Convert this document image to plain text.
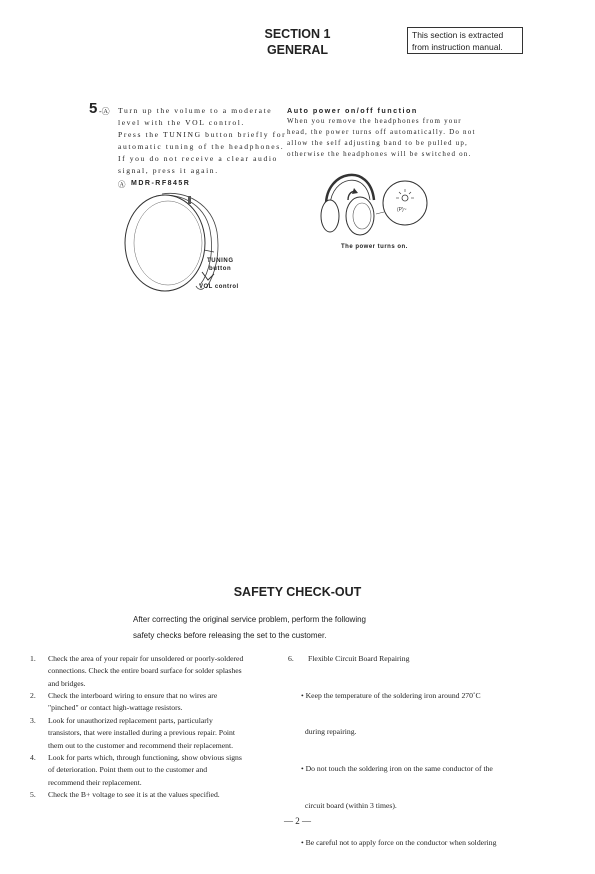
SECTION 1
GENERAL
This section is extracted from instruction manual.
5 -Ⓐ Turn up the volume to a moderate
level with the VOL control.
Press the TUNING button briefly for
automatic tuning of the headphones.
If you do not receive a clear audio
signal, press it again.
Ⓐ MDR-RF845R
TUNING
button
VOL control
Auto power on/off function
When you remove the headphones from your
head, the power turns off automatically. Do not
allow the self adjusting band to be pulled up,
otherwise the headphones will be switched on.
(P)~
The power turns on.
SAFETY CHECK-OUT
After correcting the original service problem, perform the following
safety checks before releasing the set to the customer.
1. Check the area of your repair for unsoldered or poorly-soldered
connections. Check the entire board surface for solder splashes
and bridges.
2. Check the interboard wiring to ensure that no wires are
"pinched" or contact high-wattage resistors.
3. Look for unauthorized replacement parts, particularly
transistors, that were installed during a previous repair. Point
them out to the customer and recommend their replacement.
4. Look for parts which, through functioning, show obvious signs
of deterioration. Point them out to the customer and
recommend their replacement.
5. Check the B+ voltage to see it is at the values specified.
6. Flexible Circuit Board Repairing

• Keep the temperature of the soldering iron around 270˚C

during repairing.

• Do not touch the soldering iron on the same conductor of the

circuit board (within 3 times).

• Be careful not to apply force on the conductor when soldering

— 2 —
